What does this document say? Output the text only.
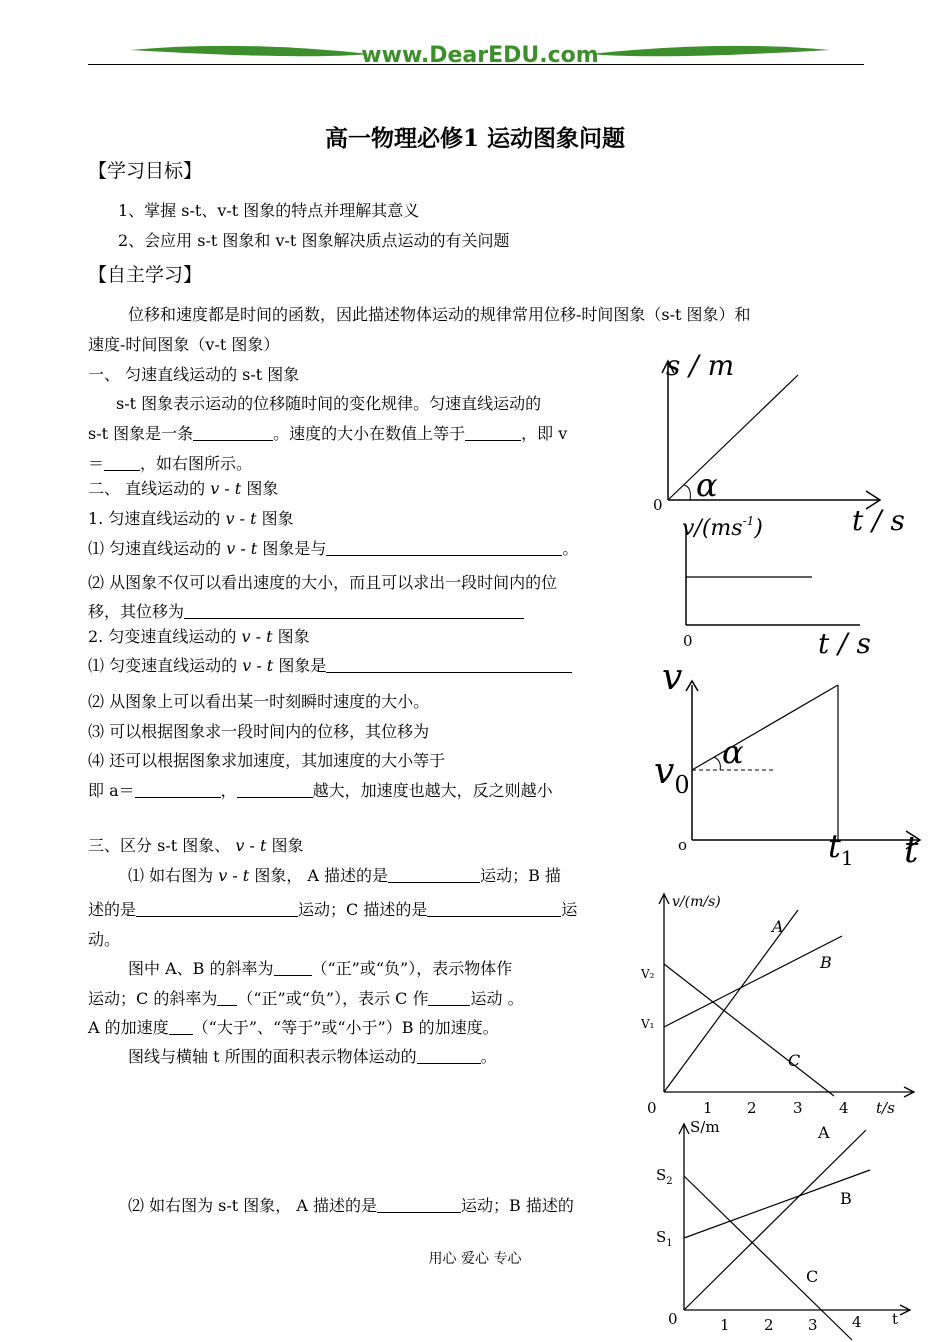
www.DearEDU.com
高一物理必修1 运动图象问题
【学习目标】
1、掌握 s-t、v-t 图象的特点并理解其意义
2、会应用 s-t 图象和 v-t 图象解决质点运动的有关问题
【自主学习】
位移和速度都是时间的函数，因此描述物体运动的规律常用位移-时间图象（s-t 图象）和
速度-时间图象（v-t 图象）
一、 匀速直线运动的 s-t 图象
s-t 图象表示运动的位移随时间的变化规律。匀速直线运动的
s-t 图象是一条	。速度的大小在数值上等于	，即 v
＝ ，如右图所示。
二、 直线运动的 v - t 图象
1. 匀速直线运动的 v - t 图象
⑴ 匀速直线运动的 v - t 图象是与	。
⑵ 从图象不仅可以看出速度的大小，而且可以求出一段时间内的位
移，其位移为
2. 匀变速直线运动的 v - t 图象
⑴ 匀变速直线运动的 v - t 图象是
⑵ 从图象上可以看出某一时刻瞬时速度的大小。
⑶ 可以根据图象求一段时间内的位移，其位移为
⑷ 还可以根据图象求加速度，其加速度的大小等于
即 a＝	，	越大，加速度也越大，反之则越小
三、区分 s-t 图象、 v - t 图象
⑴ 如右图为 v - t 图象， A 描述的是	运动；B 描
述的是	运动；C 描述的是	运
动。
图中 A、B 的斜率为 （“正”或“负”），表示物体作
运动；C 的斜率为 （“正”或“负”），表示 C 作	运动 。
A 的加速度 （“大于”、“等于”或“小于”）B 的加速度。
图线与横轴 t 所围的面积表示物体运动的	。
⑵ 如右图为 s-t 图象， A 描述的是	运动；B 描述的
用心 爱心 专心
s / m
t / s
0
α
$v/(ms^{-1})$
t / s
0
v
$v_0$
α
o	$t_1$ t
v/(m/s)
V₂
V₁
0	1 2 3 4 t/s
A
B
C
S/m
$S_2$
$S_1$
0	1 2 3 4 t
A
B
C
